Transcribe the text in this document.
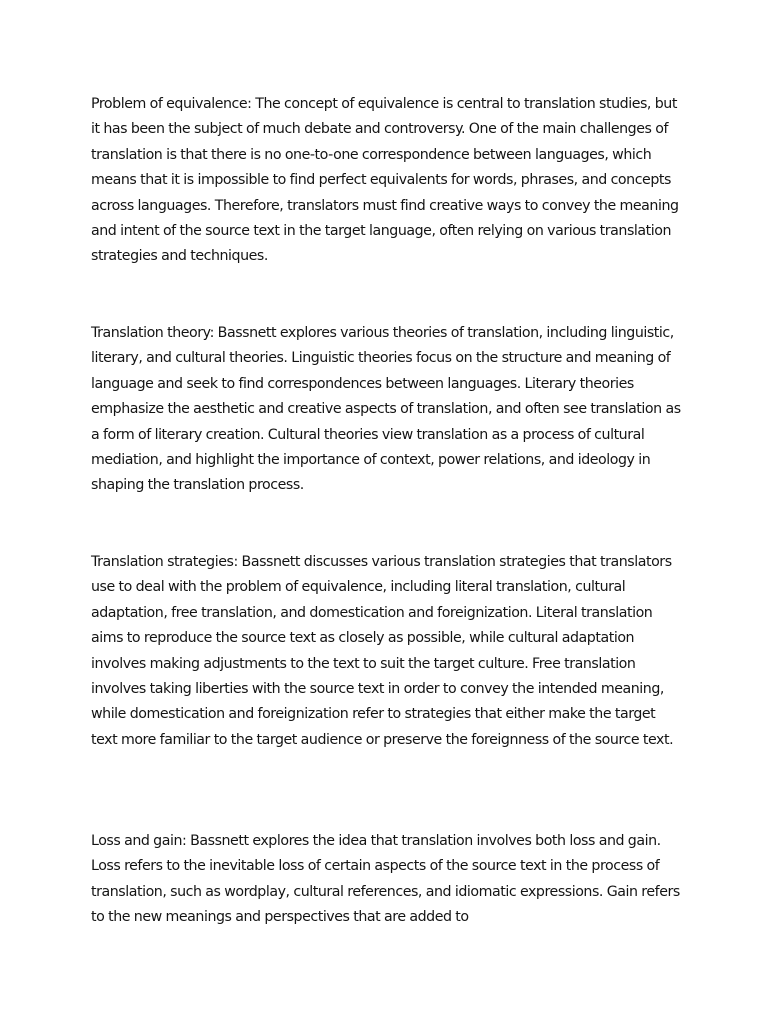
Problem of equivalence: The concept of equivalence is central to translation studies, but it has been the subject of much debate and controversy. One of the main challenges of translation is that there is no one-to-one correspondence between languages, which means that it is impossible to find perfect equivalents for words, phrases, and concepts across languages. Therefore, translators must find creative ways to convey the meaning and intent of the source text in the target language, often relying on various translation strategies and techniques.

Translation theory: Bassnett explores various theories of translation, including linguistic, literary, and cultural theories. Linguistic theories focus on the structure and meaning of language and seek to find correspondences between languages. Literary theories emphasize the aesthetic and creative aspects of translation, and often see translation as a form of literary creation. Cultural theories view translation as a process of cultural mediation, and highlight the importance of context, power relations, and ideology in shaping the translation process.

Translation strategies: Bassnett discusses various translation strategies that translators use to deal with the problem of equivalence, including literal translation, cultural adaptation, free translation, and domestication and foreignization. Literal translation aims to reproduce the source text as closely as possible, while cultural adaptation involves making adjustments to the text to suit the target culture. Free translation involves taking liberties with the source text in order to convey the intended meaning, while domestication and foreignization refer to strategies that either make the target text more familiar to the target audience or preserve the foreignness of the source text.

Loss and gain: Bassnett explores the idea that translation involves both loss and gain. Loss refers to the inevitable loss of certain aspects of the source text in the process of translation, such as wordplay, cultural references, and idiomatic expressions. Gain refers to the new meanings and perspectives that are added to
